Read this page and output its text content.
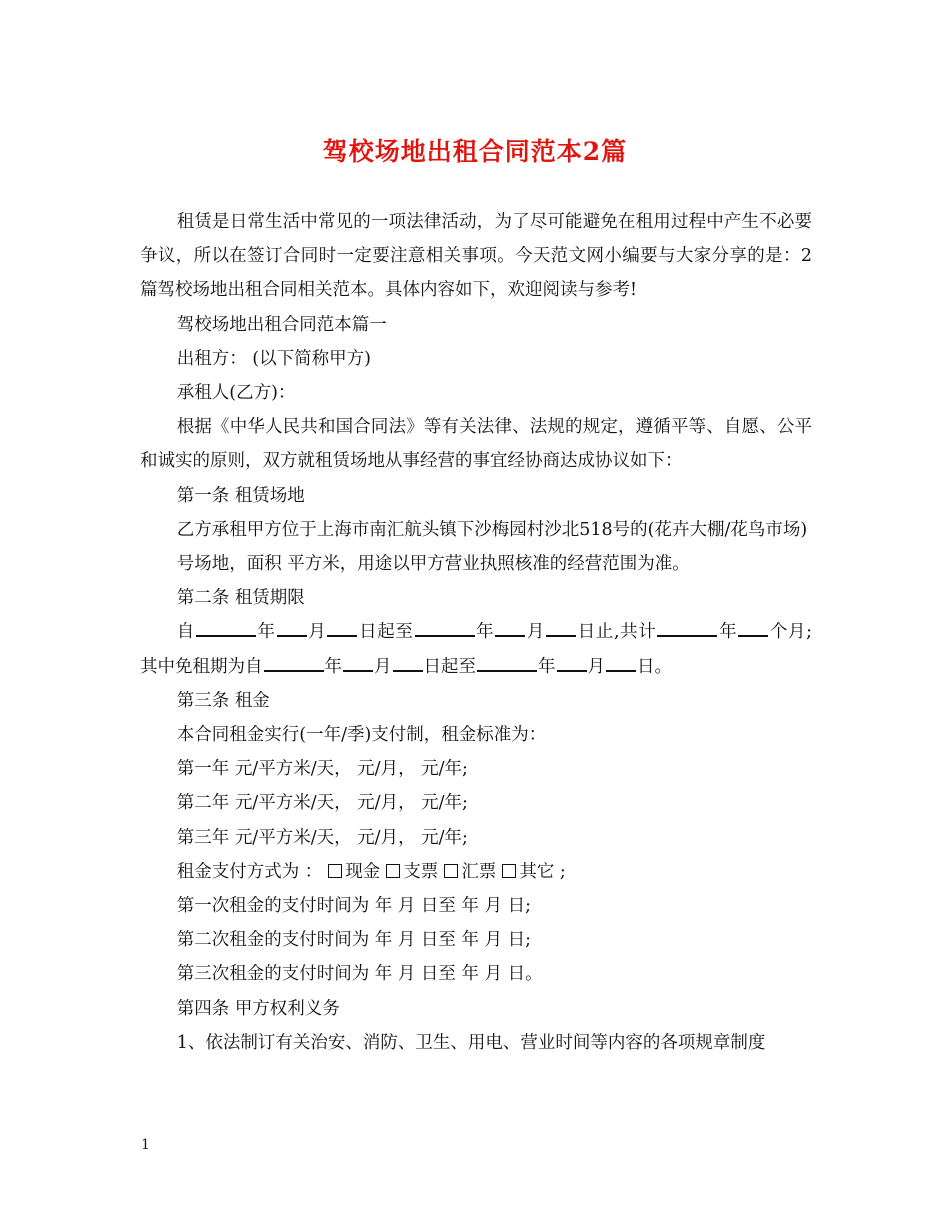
驾校场地出租合同范本2篇

租赁是日常生活中常见的一项法律活动，为了尽可能避免在租用过程中产生不必要争议，所以在签订合同时一定要注意相关事项。今天范文网小编要与大家分享的是：2篇驾校场地出租合同相关范本。具体内容如下，欢迎阅读与参考!

驾校场地出租合同范本篇一

出租方： (以下简称甲方)

承租人(乙方)：

根据《中华人民共和国合同法》等有关法律、法规的规定，遵循平等、自愿、公平和诚实的原则，双方就租赁场地从事经营的事宜经协商达成协议如下：

第一条 租赁场地

乙方承租甲方位于上海市南汇航头镇下沙梅园村沙北518号的(花卉大棚/花鸟市场)

号场地，面积 平方米，用途以甲方营业执照核准的经营范围为准。

第二条 租赁期限

自	年 月 日起至	年 月 日止,共计	年 个月;其中免租期为自	年 月 日起至	年 月 日。

第三条 租金

本合同租金实行(一年/季)支付制，租金标准为：

第一年 元/平方米/天， 元/月， 元/年;

第二年 元/平方米/天， 元/月， 元/年;

第三年 元/平方米/天， 元/月， 元/年;

租金支付方式为 ： 现金 支票 汇票 其它 ;

第一次租金的支付时间为 年 月 日至 年 月 日;

第二次租金的支付时间为 年 月 日至 年 月 日;

第三次租金的支付时间为 年 月 日至 年 月 日。

第四条 甲方权利义务

1、依法制订有关治安、消防、卫生、用电、营业时间等内容的各项规章制度

1
